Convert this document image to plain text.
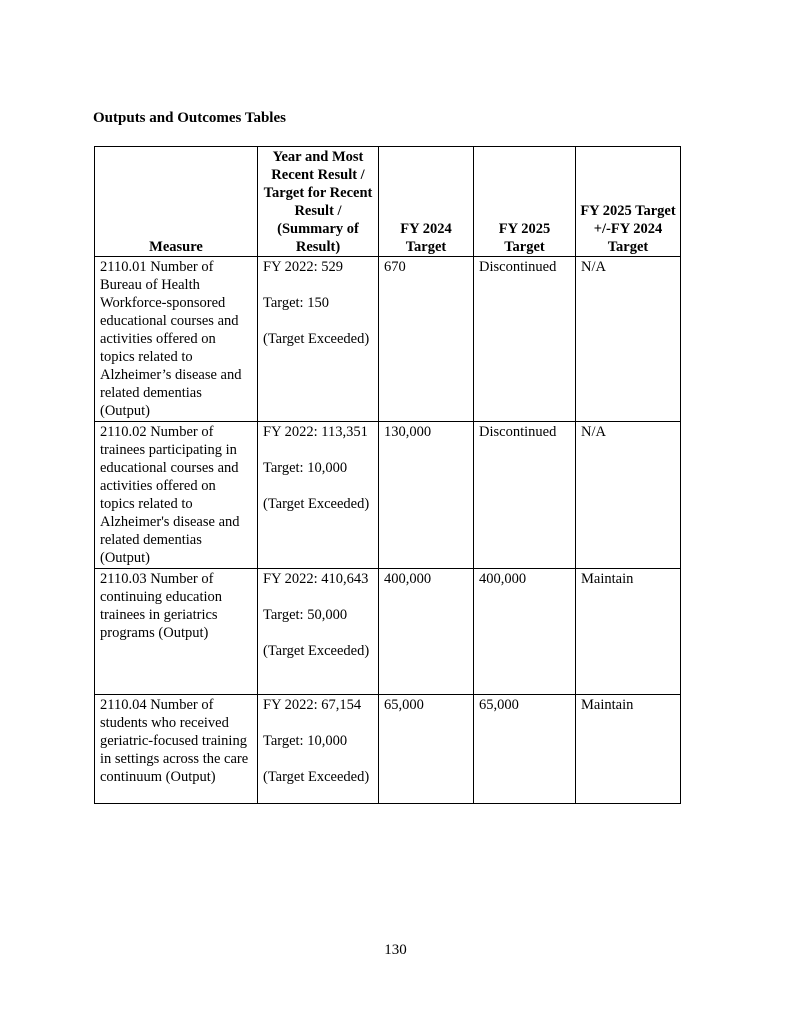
Outputs and Outcomes Tables
Measure	Year and Most Recent Result / Target for Recent Result / (Summary of Result)	FY 2024 Target	FY 2025 Target	FY 2025 Target +/-FY 2024 Target
2110.01 Number of Bureau of Health Workforce-sponsored educational courses and activities offered on topics related to Alzheimer’s disease and related dementias (Output)	FY 2022: 529

Target: 150

(Target Exceeded)	670	Discontinued	N/A
2110.02 Number of trainees participating in educational courses and activities offered on topics related to Alzheimer's disease and related dementias (Output)	FY 2022: 113,351

Target: 10,000

(Target Exceeded)	130,000	Discontinued	N/A
2110.03 Number of continuing education trainees in geriatrics programs (Output)	FY 2022: 410,643

Target: 50,000

(Target Exceeded)	400,000	400,000	Maintain
2110.04 Number of students who received geriatric-focused training in settings across the care continuum (Output)	FY 2022: 67,154

Target: 10,000

(Target Exceeded)	65,000	65,000	Maintain
130
